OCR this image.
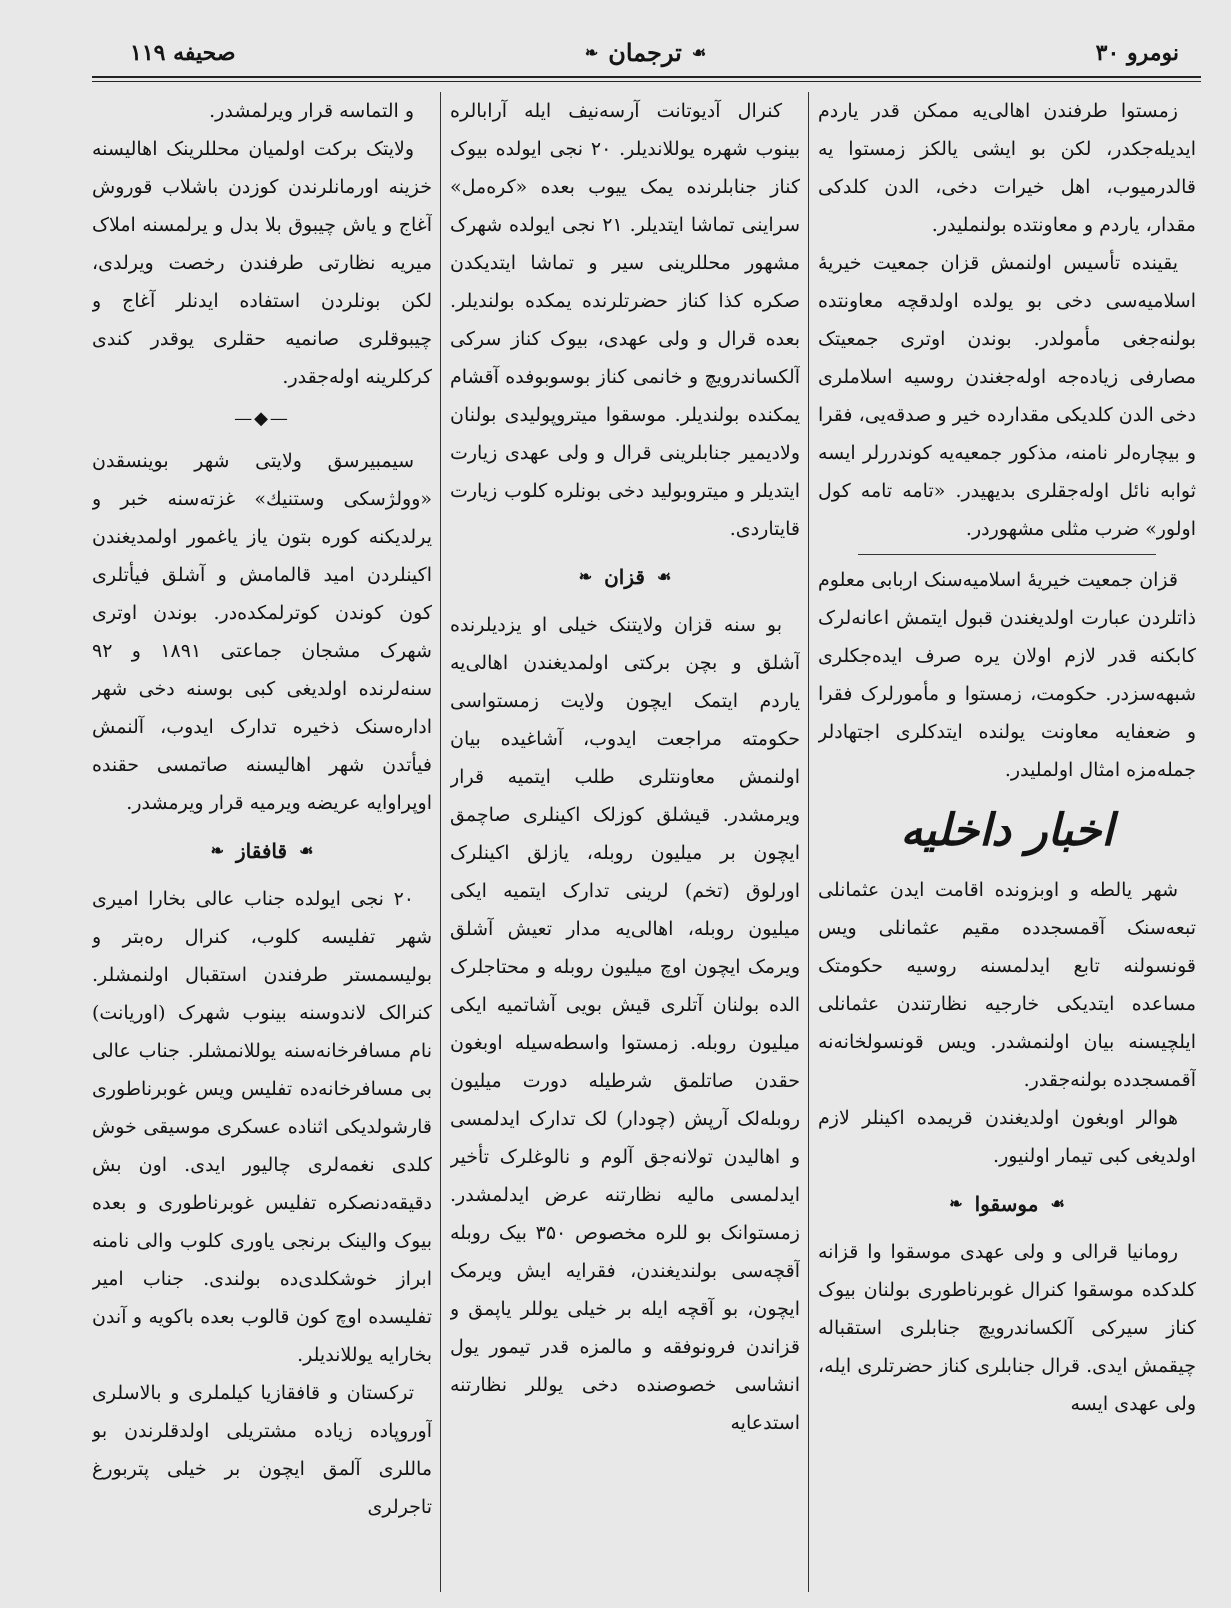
نومرو ۳۰
☙
ترجمان
❧
صحیفه ۱۱۹

زمستوا طرفندن اهالی‌یه ممکن قدر یاردم ایدیله‌جکدر، لکن بو ایشی یالکز زمستوا یه قالدرمیوب، اهل خیرات دخی، الدن کلدکی مقدار، یاردم و معاونتده بولنملیدر.

یقینده تأسیس اولنمش قزان جمعیت خیریۀ اسلامیه‌سی دخی بو یولده اولدقچه معاونتده بولنه‌جغی مأمولدر. بوندن اوتری جمعیتک مصارفی زیاده‌جه اوله‌جغندن روسیه اسلاملری دخی الدن کلدیکی مقدارده خیر و صدقه‌یی، فقرا و بیچاره‌لر نامنه، مذکور جمعیه‌یه کوندررلر ایسه ثوابه نائل اوله‌جقلری بدیهیدر. «تامه تامه کول اولور» ضرب مثلی مشهوردر.

قزان جمعیت خیریۀ اسلامیه‌سنک اربابی معلوم ذاتلردن عبارت اولدیغندن قبول ایتمش اعانه‌لرک کابکنه قدر لازم اولان یره صرف ایده‌جکلری شبهه‌سزدر. حکومت، زمستوا و مأمورلرک فقرا و ضعفایه معاونت یولنده ایتدکلری اجتهادلر جمله‌مزه امثال اولملیدر.

اخبار داخلیه

شهر یالطه و اوبزونده اقامت ایدن عثمانلی تبعه‌سنک آقمسجدده مقیم عثمانلی ویس قونسولنه تابع ایدلمسنه روسیه حکومتک مساعده ایتدیکی خارجیه نظارتندن عثمانلی ایلچیسنه بیان اولنمشدر. ویس قونسولخانه‌نه آقمسجدده بولنه‌جقدر.

هوالر اوبغون اولدیغندن قریمده اکینلر لازم اولدیغی کبی تیمار اولنیور.

☙
موسقوا
❧

رومانیا قرالی و ولی عهدی موسقوا وا قزانه کلدکده موسقوا کنرال غوبرناطوری بولنان بیوک کناز سیرکی آلکساندرویچ جنابلری استقباله چیقمش ایدی. قرال جنابلری کناز حضرتلری ایله، ولی عهدی ایسه

کنرال آدیوتانت آرسه‌نیف ایله آرابالره بینوب شهره یوللاندیلر. ۲۰ نجی ایولده بیوک کناز جنابلرنده یمک ییوب بعده «کره‌مل» سراینی تماشا ایتدیلر. ۲۱ نجی ایولده شهرک مشهور محللرینی سیر و تماشا ایتدیکدن صکره کذا کناز حضرتلرنده یمکده بولندیلر. بعده قرال و ولی عهدی، بیوک کناز سرکی آلکساندرویچ و خانمی کناز بوسوبوفده آقشام یمکنده بولندیلر. موسقوا میتروپولیدی بولنان ولادیمیر جنابلرینی قرال و ولی عهدی زیارت ایتدیلر و میتروبولید دخی بونلره کلوب زیارت قایتاردی.

☙
قزان
❧

بو سنه قزان ولایتنک خیلی او یزدیلرنده آشلق و بچن برکتی اولمدیغندن اهالی‌یه یاردم ایتمک ایچون ولایت زمستواسی حکومته مراجعت ایدوب، آشاغیده بیان اولنمش معاونتلری طلب ایتمیه قرار ویرمشدر. قیشلق کوزلک اکینلری صاچمق ایچون بر میلیون روبله، یازلق اکینلرک اورلوق (تخم) لرینی تدارک ایتمیه ایکی میلیون روبله، اهالی‌یه مدار تعیش آشلق ویرمک ایچون اوچ میلیون روبله و محتاجلرک الده بولنان آتلری قیش بویی آشاتمیه ایکی میلیون روبله. زمستوا واسطه‌سیله اوبغون حقدن صاتلمق شرطیله دورت میلیون روبله‌لک آرپش (چودار) لک تدارک ایدلمسی و اهالیدن تولانه‌جق آلوم و نالوغلرک تأخیر ایدلمسی مالیه نظارتنه عرض ایدلمشدر. زمستوانک بو للره مخصوص ۳۵۰ بیک روبله آقچه‌سی بولندیغندن، فقرایه ایش ویرمک ایچون، بو آقچه ایله بر خیلی یوللر یاپمق و قزاندن فرونوفقه و مالمزه قدر تیمور یول انشاسی خصوصنده دخی یوللر نظارتنه استدعایه

و التماسه قرار ویرلمشدر.

ولایتک برکت اولمیان محللرینک اهالیسنه خزینه اورمانلرندن کوزدن باشلاب قوروش آغاج و یاش چیبوق بلا بدل و یرلمسنه املاک میریه نظارتی طرفندن رخصت ویرلدی، لکن بونلردن استفاده ایدنلر آغاج و چیبوقلری صانمیه حقلری یوقدر کندی کرکلرینه اوله‌جقدر.

—◆—

سیمبیرسق ولایتی شهر بوینسقدن «وولژسکی وستنیك» غزته‌سنه خبر و یرلدیکنه کوره بتون یاز یاغمور اولمدیغندن اکینلردن امید قالمامش و آشلق فیأتلری کون کوندن کوترلمکده‌در. بوندن اوتری شهرک مشجان جماعتی ۱۸۹۱ و ۹۲ سنه‌لرنده اولدیغی کبی بوسنه دخی شهر اداره‌سنک ذخیره تدارک ایدوب، آلنمش فیأتدن شهر اهالیسنه صاتمسی حقنده اوپراوایه عریضه ویرمیه قرار ویرمشدر.

☙
قافقاز
❧

۲۰ نجی ایولده جناب عالی بخارا امیری شهر تفلیسه کلوب، کنرال ره‌بتر و بولیسمستر طرفندن استقبال اولنمشلر. کنرالک لاندوسنه بینوب شهرک (اوریانت) نام مسافرخانه‌سنه یوللانمشلر. جناب عالی بی مسافرخانه‌ده تفلیس ویس غوبرناطوری قارشولدیکی اثناده عسکری موسیقی خوش کلدی نغمه‌لری چالیور ایدی. اون بش دقیقه‌دنصکره تفلیس غوبرناطوری و بعده بیوک والینک برنجی یاوری کلوب والی نامنه ابراز خوشکلدی‌ده بولندی. جناب امیر تفلیسده اوچ کون قالوب بعده باکویه و آندن بخارایه یوللاندیلر.

ترکستان و قافقازیا کیلملری و بالاسلری آوروپاده زیاده مشتریلی اولدقلرندن بو ماللری آلمق ایچون بر خیلی پتربورغ تاجرلری
